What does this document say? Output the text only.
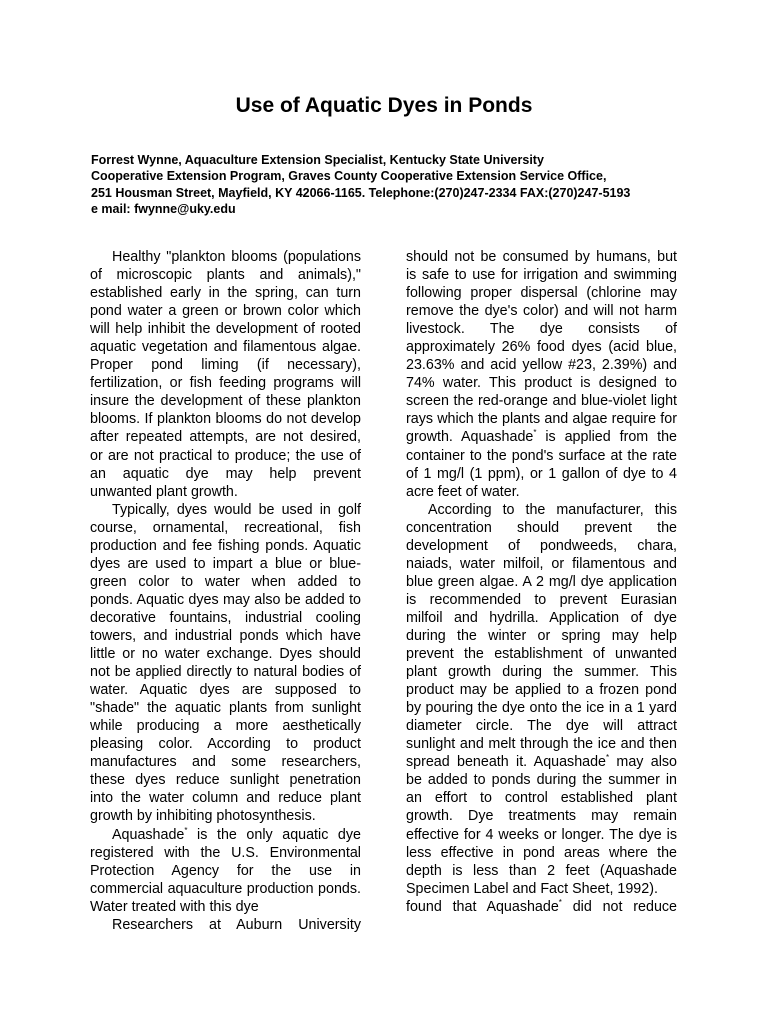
Use of Aquatic Dyes in Ponds
Forrest Wynne, Aquaculture Extension Specialist, Kentucky State University
Cooperative Extension Program, Graves County Cooperative Extension Service Office,
251 Housman Street, Mayfield, KY 42066-1165. Telephone:(270)247-2334 FAX:(270)247-5193
e mail: fwynne@uky.edu

Healthy "plankton blooms (populations of microscopic plants and animals)," established early in the spring, can turn pond water a green or brown color which will help inhibit the development of rooted aquatic vegetation and filamentous algae. Proper pond liming (if necessary), fertilization, or fish feeding programs will insure the development of these plankton blooms. If plankton blooms do not develop after repeated attempts, are not desired, or are not practical to produce; the use of an aquatic dye may help prevent unwanted plant growth.

Typically, dyes would be used in golf course, ornamental, recreational, fish production and fee fishing ponds. Aquatic dyes are used to impart a blue or blue-green color to water when added to ponds. Aquatic dyes may also be added to decorative fountains, industrial cooling towers, and industrial ponds which have little or no water exchange. Dyes should not be applied directly to natural bodies of water. Aquatic dyes are supposed to "shade" the aquatic plants from sunlight while producing a more aesthetically pleasing color. According to product manufactures and some researchers, these dyes reduce sunlight penetration into the water column and reduce plant growth by inhibiting photosynthesis.

Aquashade* is the only aquatic dye registered with the U.S. Environmental Protection Agency for the use in commercial aquaculture production ponds. Water treated with this dye

Researchers at Auburn University

should not be consumed by humans, but is safe to use for irrigation and swimming following proper dispersal (chlorine may remove the dye's color) and will not harm livestock. The dye consists of approximately 26% food dyes (acid blue, 23.63% and acid yellow #23, 2.39%) and 74% water. This product is designed to screen the red-orange and blue-violet light rays which the plants and algae require for growth. Aquashade* is applied from the container to the pond's surface at the rate of 1 mg/l (1 ppm), or 1 gallon of dye to 4 acre feet of water.

According to the manufacturer, this concentration should prevent the development of pondweeds, chara, naiads, water milfoil, or filamentous and blue green algae. A 2 mg/l dye application is recommended to prevent Eurasian milfoil and hydrilla. Application of dye during the winter or spring may help prevent the establishment of unwanted plant growth during the summer. This product may be applied to a frozen pond by pouring the dye onto the ice in a 1 yard diameter circle. The dye will attract sunlight and melt through the ice and then spread beneath it. Aquashade* may also be added to ponds during the summer in an effort to control established plant growth. Dye treatments may remain effective for 4 weeks or longer. The dye is less effective in pond areas where the depth is less than 2 feet (Aquashade Specimen Label and Fact Sheet, 1992).

found that Aquashade* did not reduce
